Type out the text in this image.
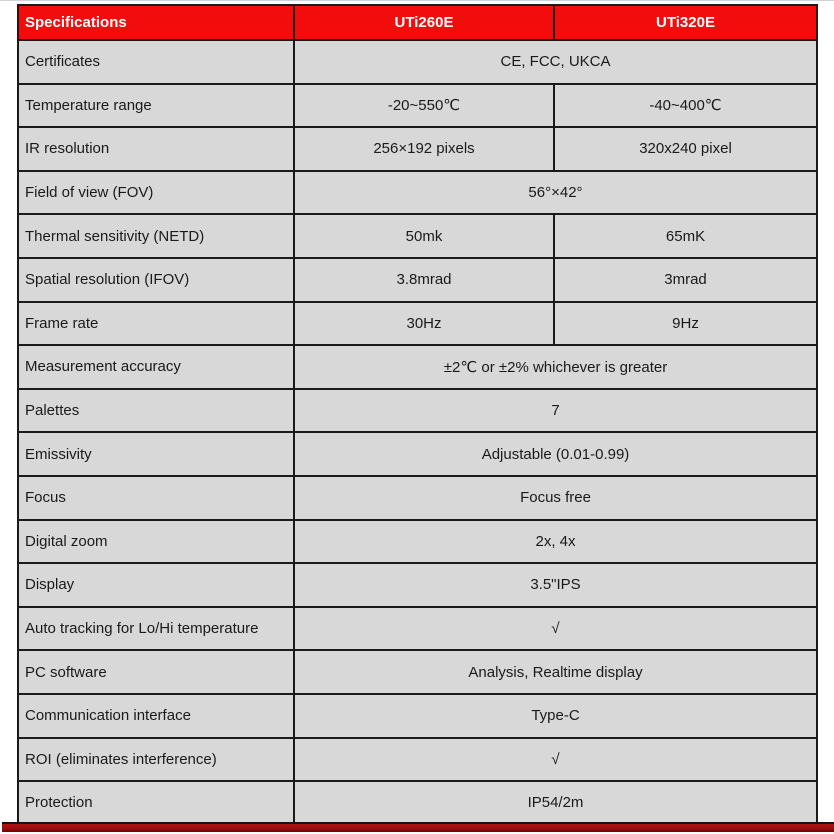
Specifications	UTi260E	UTi320E
Certificates	CE, FCC, UKCA	
Temperature range	-20~550℃	-40~400℃
IR resolution	256×192 pixels	320x240 pixel
Field of view (FOV)	56°×42°	
Thermal sensitivity (NETD)	50mk	65mK
Spatial resolution (IFOV)	3.8mrad	3mrad
Frame rate	30Hz	9Hz
Measurement accuracy	±2℃ or ±2% whichever is greater	
Palettes	7	
Emissivity	Adjustable (0.01-0.99)	
Focus	Focus free	
Digital zoom	2x, 4x	
Display	3.5"IPS	
Auto tracking for Lo/Hi temperature	√	
PC software	Analysis, Realtime display	
Communication interface	Type-C	
ROI (eliminates interference)	√	
Protection	IP54/2m	
